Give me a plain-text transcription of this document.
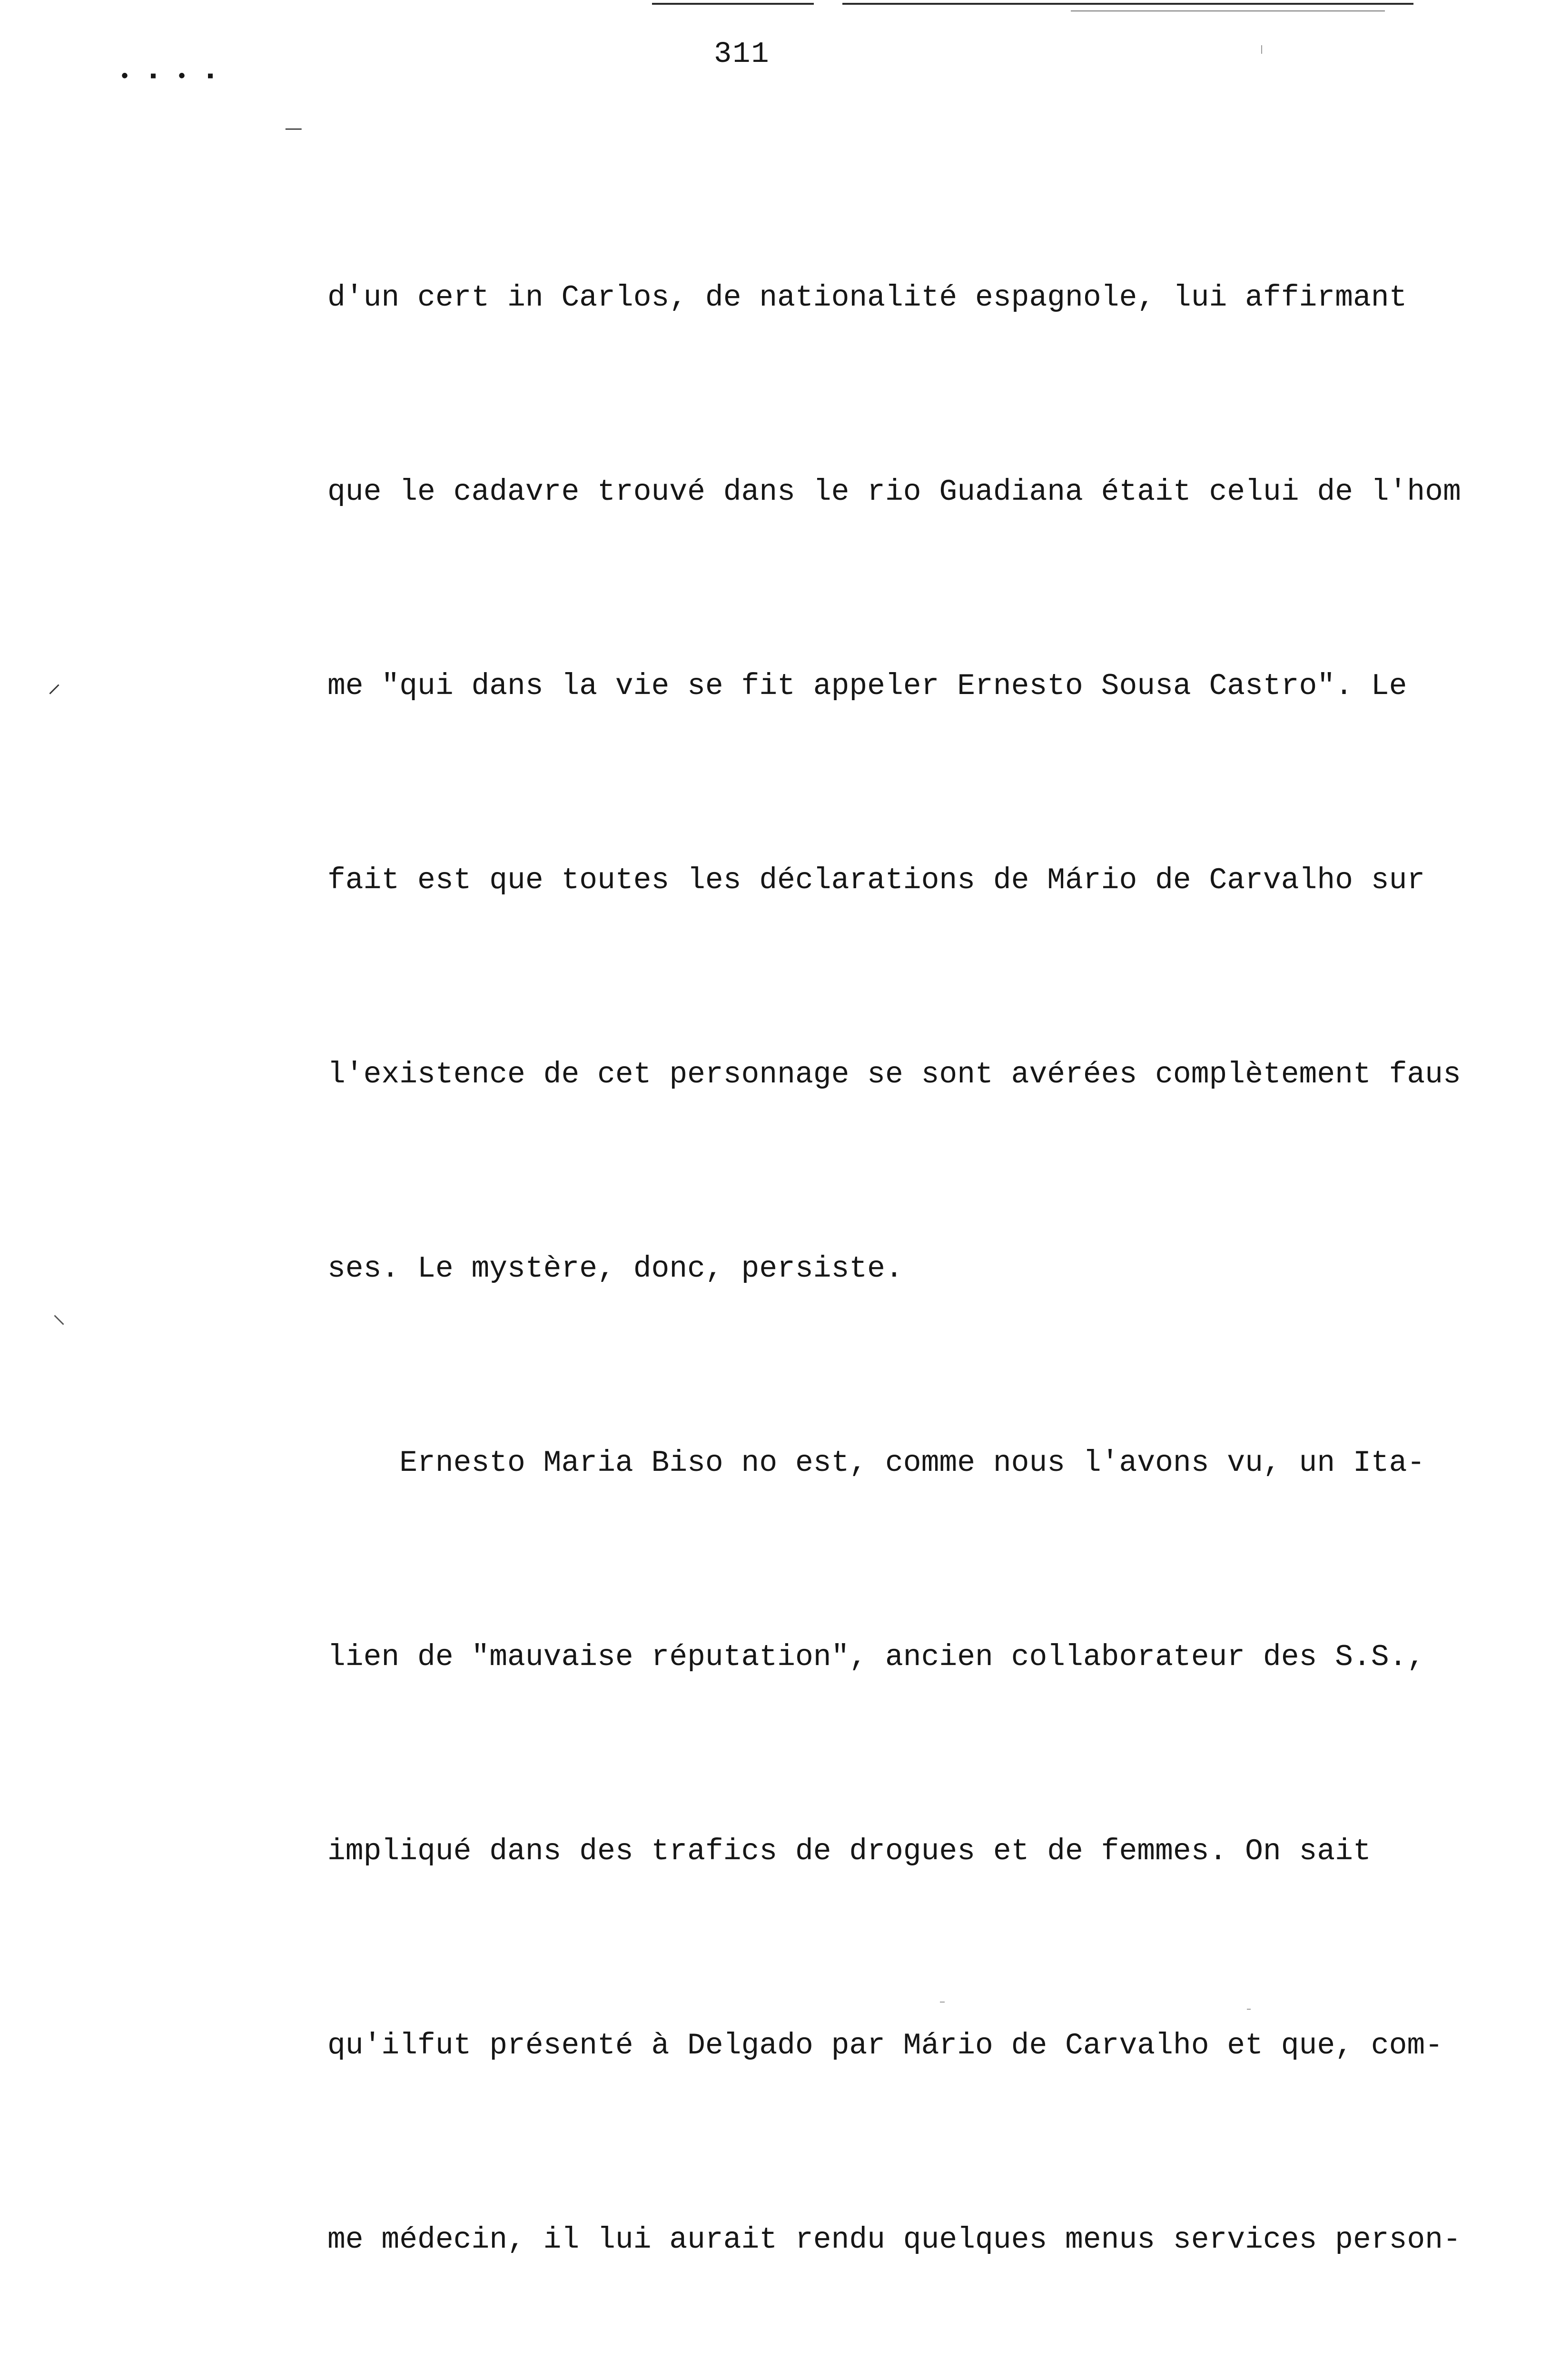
• ▪ • ▪
311
‾
⸝
⸜

d'un cert in Carlos, de nationalité espagnole, lui affirmant

que le cadavre trouvé dans le rio Guadiana était celui de l'hom

me "qui dans la vie se fit appeler Ernesto Sousa Castro". Le

fait est que toutes les déclarations de Mário de Carvalho sur

l'existence de cet personnage se sont avérées complètement faus

ses. Le mystère, donc, persiste.

Ernesto Maria Biso no est, comme nous l'avons vu, un Ita-

lien de "mauvaise réputation", ancien collaborateur des S.S.,

impliqué dans des trafics de drogues et de femmes. On sait

qu'ilfut présenté à Delgado par Mário de Carvalho et que, com-

me médecin, il lui aurait rendu quelques menus services person-
